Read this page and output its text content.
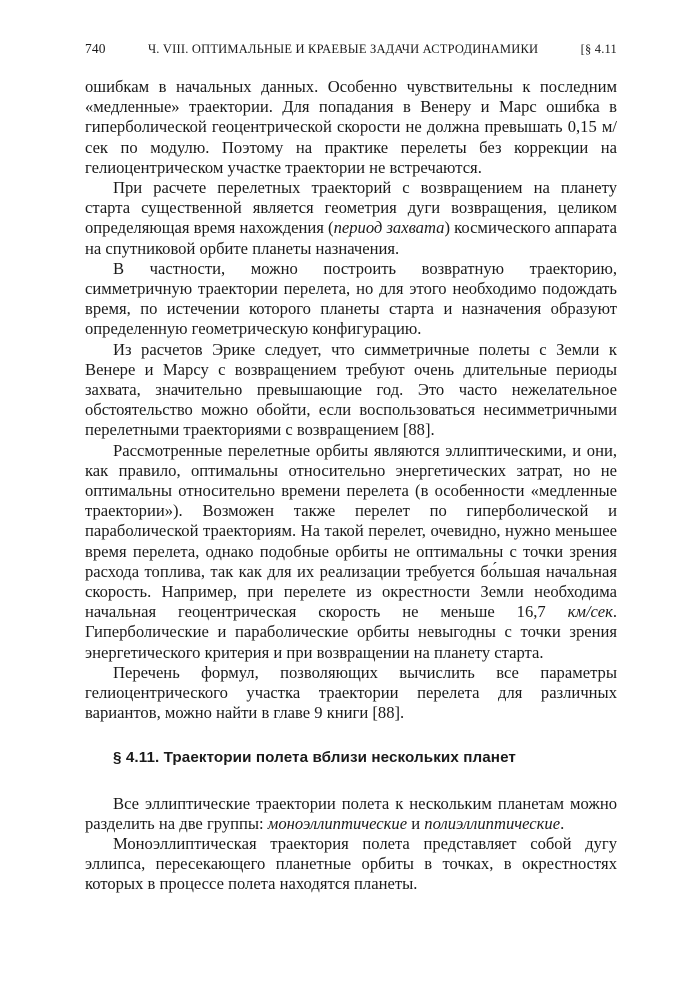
740	Ч. VIII. ОПТИМАЛЬНЫЕ И КРАЕВЫЕ ЗАДАЧИ АСТРОДИНАМИКИ	[§ 4.11

ошибкам в начальных данных. Особенно чувствительны к последним «медленные» траектории. Для попадания в Венеру и Марс ошибка в гиперболической геоцентрической скорости не должна превышать 0,15 м/сек по модулю. Поэтому на практике перелеты без коррекции на гелиоцентрическом участке траектории не встречаются.

При расчете перелетных траекторий с возвращением на планету старта существенной является геометрия дуги возвращения, целиком определяющая время нахождения (период захвата) космического аппарата на спутниковой орбите планеты назначения.

В частности, можно построить возвратную траекторию, симметричную траектории перелета, но для этого необходимо подождать время, по истечении которого планеты старта и назначения образуют определенную геометрическую конфигурацию.

Из расчетов Эрике следует, что симметричные полеты с Земли к Венере и Марсу с возвращением требуют очень длительные периоды захвата, значительно превышающие год. Это часто нежелательное обстоятельство можно обойти, если воспользоваться несимметричными перелетными траекториями с возвращением [88].

Рассмотренные перелетные орбиты являются эллиптическими, и они, как правило, оптимальны относительно энергетических затрат, но не оптимальны относительно времени перелета (в особенности «медленные траектории»). Возможен также перелет по гиперболической и параболической траекториям. На такой перелет, очевидно, нужно меньшее время перелета, однако подобные орбиты не оптимальны с точки зрения расхода топлива, так как для их реализации требуется бо́льшая начальная скорость. Например, при перелете из окрестности Земли необходима начальная геоцентрическая скорость не меньше 16,7 км/сек. Гиперболические и параболические орбиты невыгодны с точки зрения энергетического критерия и при возвращении на планету старта.

Перечень формул, позволяющих вычислить все параметры гелиоцентрического участка траектории перелета для различных вариантов, можно найти в главе 9 книги [88].

§ 4.11. Траектории полета вблизи нескольких планет

Все эллиптические траектории полета к нескольким планетам можно разделить на две группы: моноэллиптические и полиэллиптические.

Моноэллиптическая траектория полета представляет собой дугу эллипса, пересекающего планетные орбиты в точках, в окрестностях которых в процессе полета находятся планеты.
